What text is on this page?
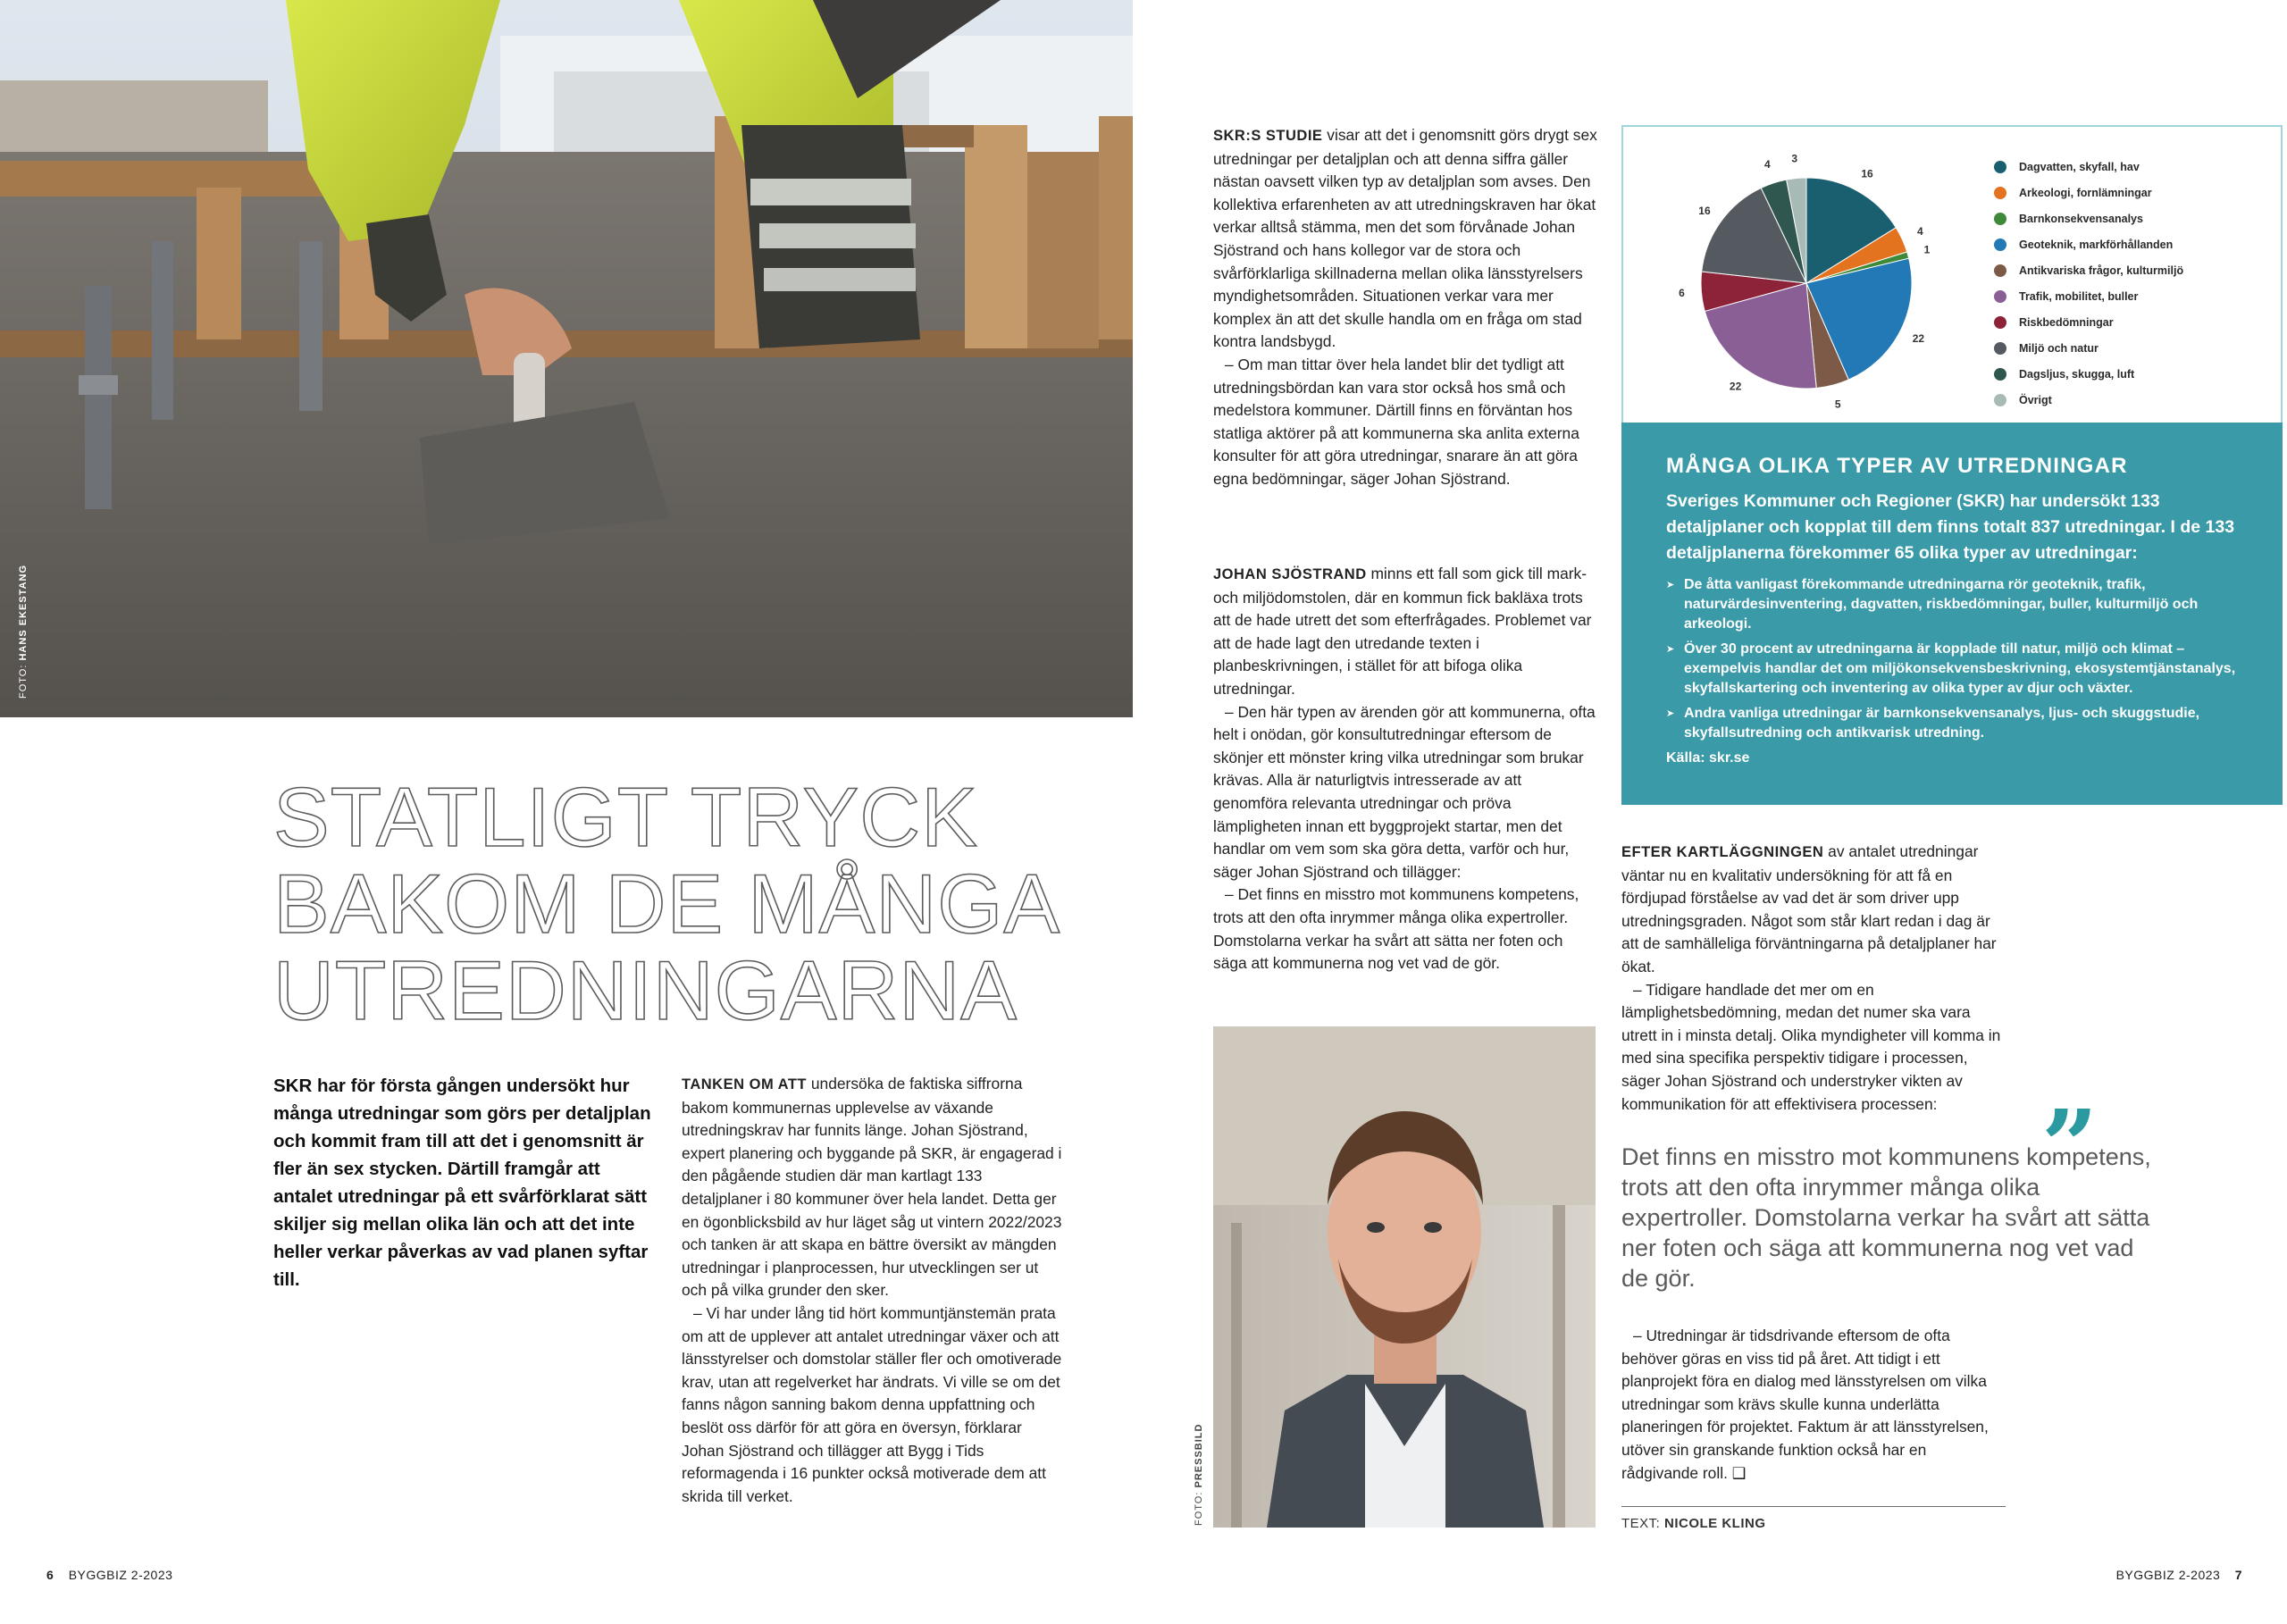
FOTO: HANS EKESTANG
STATLIGT TRYCK
BAKOM DE MÅNGA
UTREDNINGARNA

SKR har för första gången undersökt hur många utredningar som görs per detaljplan och kommit fram till att det i genomsnitt är fler än sex stycken. Därtill framgår att antalet utredningar på ett svårförklarat sätt skiljer sig mellan olika län och att det inte heller verkar påverkas av vad planen syftar till.

TANKEN OM ATT undersöka de faktiska siffrorna bakom kommunernas upplevelse av växande utredningskrav har funnits länge. Johan Sjöstrand, expert planering och byggande på SKR, är engagerad i den pågående studien där man kartlagt 133 detaljplaner i 80 kommuner över hela landet. Detta ger en ögonblicksbild av hur läget såg ut vintern 2022/2023 och tanken är att skapa en bättre översikt av mängden utredningar i planprocessen, hur utvecklingen ser ut och på vilka grunder den sker.

– Vi har under lång tid hört kommuntjänstemän prata om att de upplever att antalet utredningar växer och att länsstyrelser och domstolar ställer fler och omotiverade krav, utan att regelverket har ändrats. Vi ville se om det fanns någon sanning bakom denna uppfattning och beslöt oss därför för att göra en översyn, förklarar Johan Sjöstrand och tillägger att Bygg i Tids reformagenda i 16 punkter också motiverade dem att skrida till verket.

SKR:S STUDIE visar att det i genomsnitt görs drygt sex utredningar per detaljplan och att denna siffra gäller nästan oavsett vilken typ av detaljplan som avses. Den kollektiva erfarenheten av att utredningskraven har ökat verkar alltså stämma, men det som förvånade Johan Sjöstrand och hans kollegor var de stora och svårförklarliga skillnaderna mellan olika länsstyrelsers myndighetsområden. Situationen verkar vara mer komplex än att det skulle handla om en fråga om stad kontra landsbygd.

– Om man tittar över hela landet blir det tydligt att utredningsbördan kan vara stor också hos små och medelstora kommuner. Därtill finns en förväntan hos statliga aktörer på att kommunerna ska anlita externa konsulter för att göra utredningar, snarare än att göra egna bedömningar, säger Johan Sjöstrand.

JOHAN SJÖSTRAND minns ett fall som gick till mark- och miljödomstolen, där en kommun fick bakläxa trots att de hade utrett det som efterfrågades. Problemet var att de hade lagt den utredande texten i planbeskrivningen, i stället för att bifoga olika utredningar.

– Den här typen av ärenden gör att kommunerna, ofta helt i onödan, gör konsultutredningar eftersom de skönjer ett mönster kring vilka utredningar som brukar krävas. Alla är naturligtvis intresserade av att genomföra relevanta utredningar och pröva lämpligheten innan ett byggprojekt startar, men det handlar om vem som ska göra detta, varför och hur, säger Johan Sjöstrand och tillägger:

– Det finns en misstro mot kommunens kompetens, trots att den ofta inrymmer många olika expertroller. Domstolarna verkar ha svårt att sätta ner foten och säga att kommunerna nog vet vad de gör.

FOTO: PRESSBILD
16
4
1
22
5
22
6
16
4 3
Dagvatten, skyfall, hav
Arkeologi, fornlämningar
Barnkonsekvensanalys
Geoteknik, markförhållanden
Antikvariska frågor, kulturmiljö
Trafik, mobilitet, buller
Riskbedömningar
Miljö och natur
Dagsljus, skugga, luft
Övrigt
MÅNGA OLIKA TYPER AV UTREDNINGAR
Sveriges Kommuner och Regioner (SKR) har undersökt 133 detaljplaner och kopplat till dem finns totalt 837 utredningar. I de 133 detaljplanerna förekommer 65 olika typer av utredningar:
➤ De åtta vanligast förekommande utredningarna rör geoteknik, trafik, naturvärdesinventering, dagvatten, riskbedömningar, buller, kulturmiljö och arkeologi.
➤ Över 30 procent av utredningarna är kopplade till natur, miljö och klimat – exempelvis handlar det om miljökonsekvensbeskrivning, ekosystemtjänstanalys, skyfallskartering och inventering av olika typer av djur och växter.
➤ Andra vanliga utredningar är barnkonsekvensanalys, ljus- och skuggstudie, skyfallsutredning och antikvarisk utredning.
Källa: skr.se

EFTER KARTLÄGGNINGEN av antalet utredningar väntar nu en kvalitativ undersökning för att få en fördjupad förståelse av vad det är som driver upp utredningsgraden. Något som står klart redan i dag är att de samhälleliga förväntningarna på detaljplaner har ökat.

– Tidigare handlade det mer om en lämplighetsbedömning, medan det numer ska vara utrett in i minsta detalj. Olika myndigheter vill komma in med sina specifika perspektiv tidigare i processen, säger Johan Sjöstrand och understryker vikten av kommunikation för att effektivisera processen:	”
Det finns en misstro mot kommunens kompetens, trots att den ofta inrymmer många olika expertroller. Domstolarna verkar ha svårt att sätta ner foten och säga att kommunerna nog vet vad de gör.

– Utredningar är tidsdrivande eftersom de ofta behöver göras en viss tid på året. Att tidigt i ett planprojekt föra en dialog med länsstyrelsen om vilka utredningar som krävs skulle kunna underlätta planeringen för projektet. Faktum är att länsstyrelsen, utöver sin granskande funktion också har en rådgivande roll. ❑

TEXT: NICOLE KLING
6 BYGGBIZ 2-2023	BYGGBIZ 2-2023 7
